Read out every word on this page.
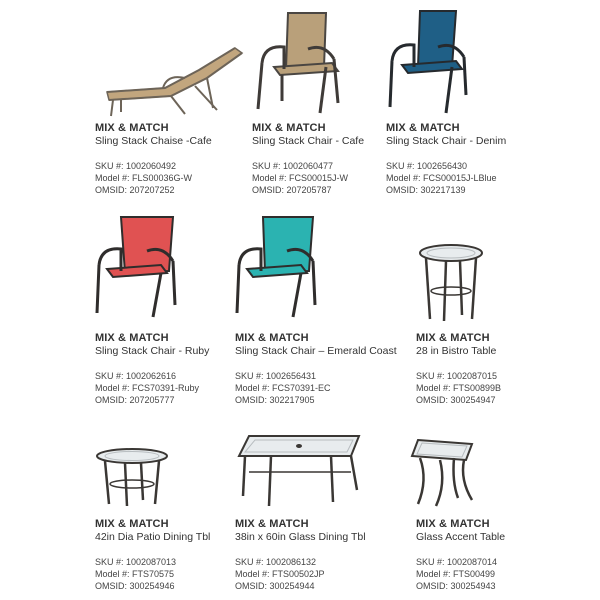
MIX & MATCH
Sling Stack Chaise -Cafe
SKU #: 1002060492
Model #: FLS00036G-W
OMSID: 207207252
MIX & MATCH
Sling Stack Chair - Cafe
SKU #: 1002060477
Model #: FCS00015J-W
OMSID: 207205787
MIX & MATCH
Sling Stack Chair - Denim
SKU #: 1002656430
Model #: FCS00015J-LBlue
OMSID: 302217139
MIX & MATCH
Sling Stack Chair - Ruby
SKU #: 1002062616
Model #: FCS70391-Ruby
OMSID: 207205777
MIX & MATCH
Sling Stack Chair – Emerald Coast
SKU #: 1002656431
Model #: FCS70391-EC
OMSID: 302217905
MIX & MATCH
28 in Bistro Table
SKU #: 1002087015
Model #: FTS00899B
OMSID: 300254947
MIX & MATCH
42in Dia Patio Dining Tbl
SKU #: 1002087013
Model #: FTS70575
OMSID: 300254946
MIX & MATCH
38in x 60in Glass Dining Tbl
SKU #: 1002086132
Model #: FTS00502JP
OMSID: 300254944
MIX & MATCH
Glass Accent Table
SKU #: 1002087014
Model #: FTS00499
OMSID: 300254943
